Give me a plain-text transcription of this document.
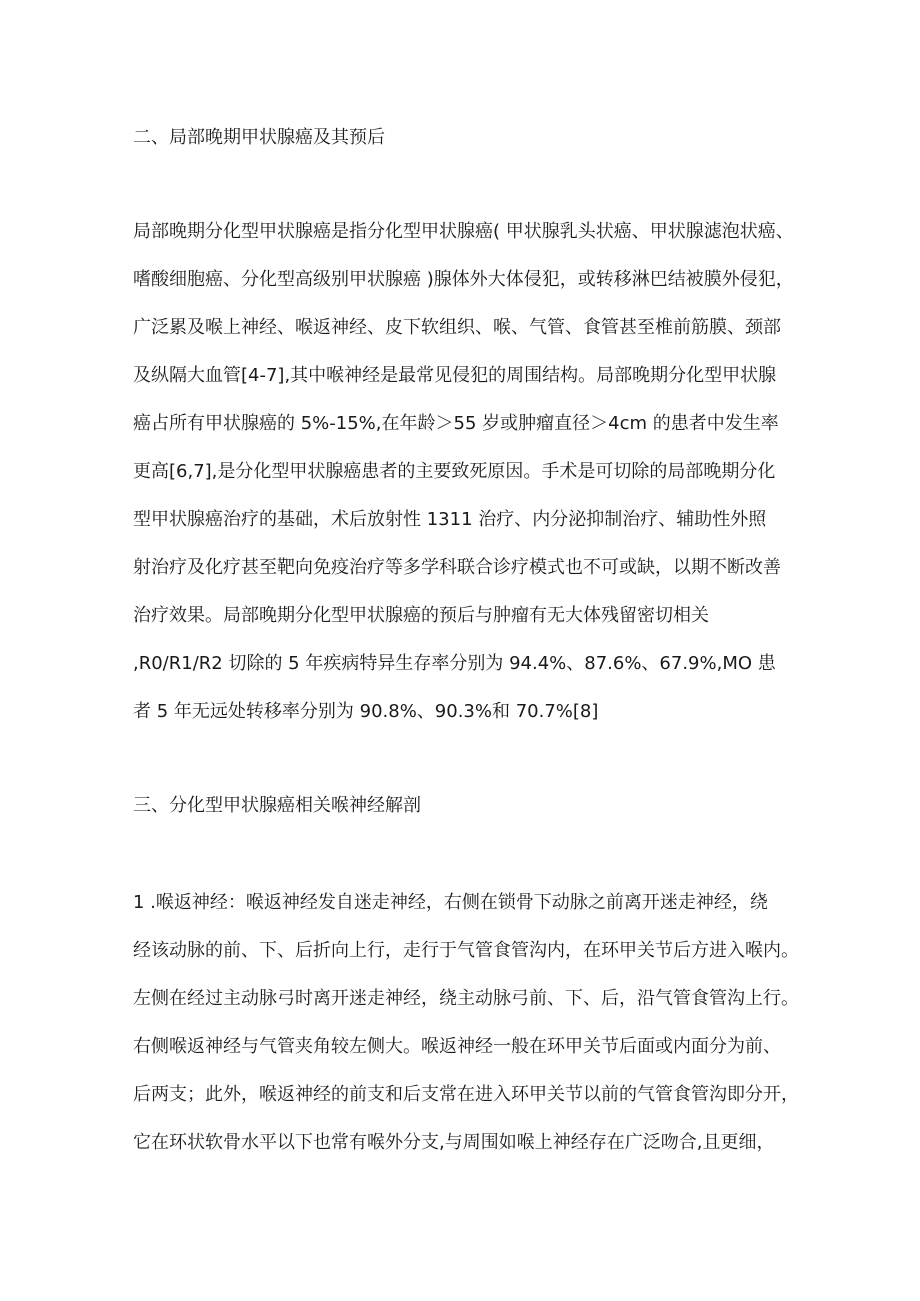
二、局部晚期甲状腺癌及其预后
局部晚期分化型甲状腺癌是指分化型甲状腺癌( 甲状腺乳头状癌、甲状腺滤泡状癌、
嗜酸细胞癌、分化型高级别甲状腺癌 )腺体外大体侵犯，或转移淋巴结被膜外侵犯，
广泛累及喉上神经、喉返神经、皮下软组织、喉、气管、食管甚至椎前筋膜、颈部
及纵隔大血管[4-7],其中喉神经是最常见侵犯的周围结构。局部晚期分化型甲状腺
癌占所有甲状腺癌的 5%-15%,在年龄＞55 岁或肿瘤直径＞4cm 的患者中发生率
更高[6,7],是分化型甲状腺癌患者的主要致死原因。手术是可切除的局部晚期分化
型甲状腺癌治疗的基础，术后放射性 1311 治疗、内分泌抑制治疗、辅助性外照
射治疗及化疗甚至靶向免疫治疗等多学科联合诊疗模式也不可或缺，以期不断改善
治疗效果。局部晚期分化型甲状腺癌的预后与肿瘤有无大体残留密切相关
,R0/R1/R2 切除的 5 年疾病特异生存率分别为 94.4%、87.6%、67.9%,MO 患
者 5 年无远处转移率分别为 90.8%、90.3%和 70.7%[8]
三、分化型甲状腺癌相关喉神经解剖
1 .喉返神经：喉返神经发自迷走神经，右侧在锁骨下动脉之前离开迷走神经，绕
经该动脉的前、下、后折向上行，走行于气管食管沟内，在环甲关节后方进入喉内。
左侧在经过主动脉弓时离开迷走神经，绕主动脉弓前、下、后，沿气管食管沟上行。
右侧喉返神经与气管夹角较左侧大。喉返神经一般在环甲关节后面或内面分为前、
后两支；此外，喉返神经的前支和后支常在进入环甲关节以前的气管食管沟即分开，
它在环状软骨水平以下也常有喉外分支,与周围如喉上神经存在广泛吻合,且更细，
